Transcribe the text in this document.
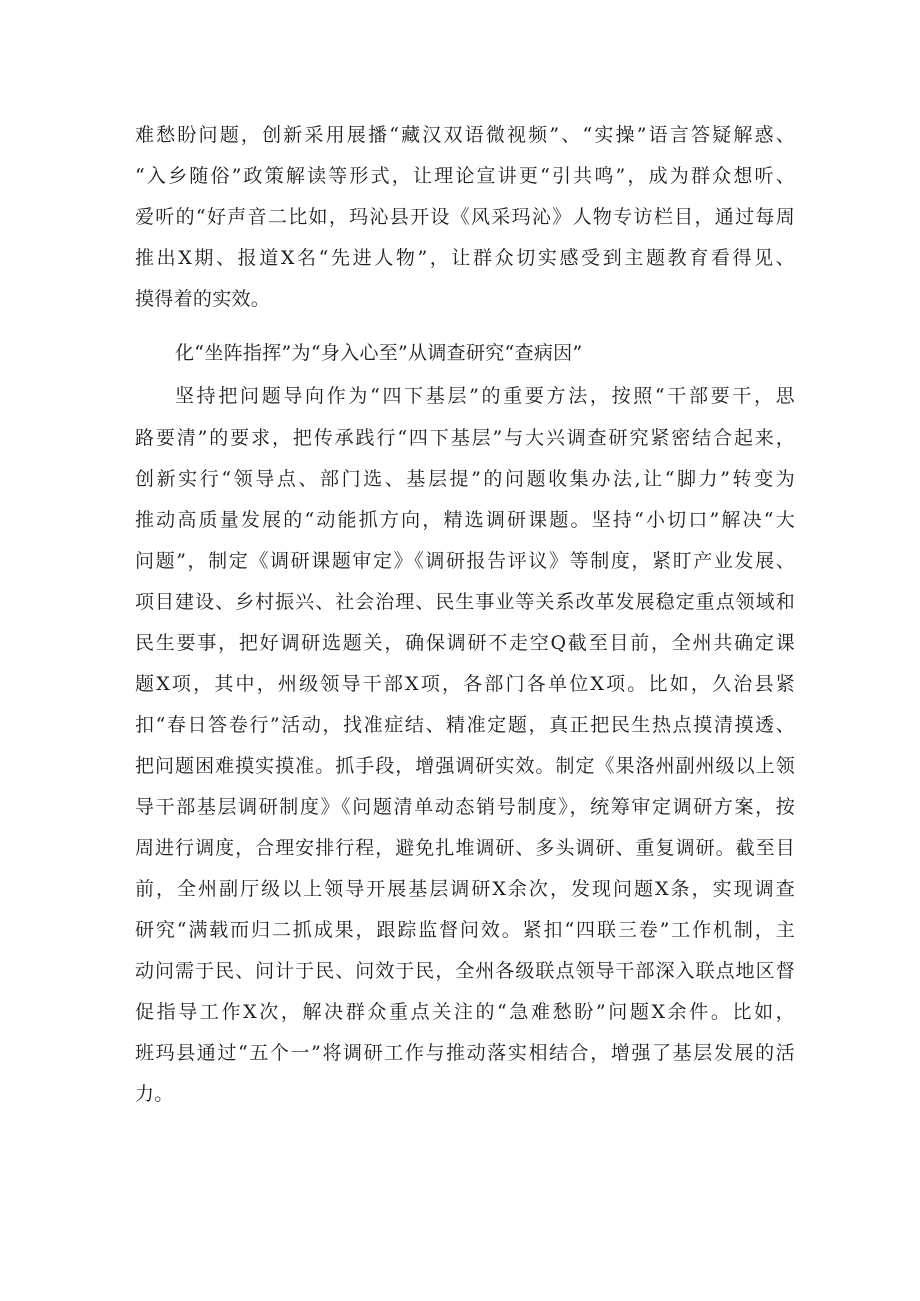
难愁盼问题，创新采用展播“藏汉双语微视频”、“实操”语言答疑解惑、
“入乡随俗”政策解读等形式，让理论宣讲更“引共鸣”，成为群众想听、
爱听的“好声音二比如，玛沁县开设《风采玛沁》人物专访栏目，通过每周
推出X期、报道X名“先进人物”，让群众切实感受到主题教育看得见、
摸得着的实效。
化“坐阵指挥”为“身入心至”从调查研究“查病因”
坚持把问题导向作为“四下基层”的重要方法，按照“干部要干，思
路要清”的要求，把传承践行“四下基层”与大兴调查研究紧密结合起来，
创新实行“领导点、部门选、基层提”的问题收集办法,让“脚力”转变为
推动高质量发展的“动能抓方向，精选调研课题。坚持“小切口”解决“大
问题”，制定《调研课题审定》《调研报告评议》等制度，紧盯产业发展、
项目建设、乡村振兴、社会治理、民生事业等关系改革发展稳定重点领域和
民生要事，把好调研选题关，确保调研不走空Q截至目前，全州共确定课
题X项，其中，州级领导干部X项，各部门各单位X项。比如，久治县紧
扣“春日答卷行”活动，找准症结、精准定题，真正把民生热点摸清摸透、
把问题困难摸实摸准。抓手段，增强调研实效。制定《果洛州副州级以上领
导干部基层调研制度》《问题清单动态销号制度》，统筹审定调研方案，按
周进行调度，合理安排行程，避免扎堆调研、多头调研、重复调研。截至目
前，全州副厅级以上领导开展基层调研X余次，发现问题X条，实现调查
研究“满载而归二抓成果，跟踪监督问效。紧扣“四联三卷”工作机制，主
动问需于民、问计于民、问效于民，全州各级联点领导干部深入联点地区督
促指导工作X次，解决群众重点关注的“急难愁盼”问题X余件。比如，
班玛县通过“五个一”将调研工作与推动落实相结合，增强了基层发展的活
力。
